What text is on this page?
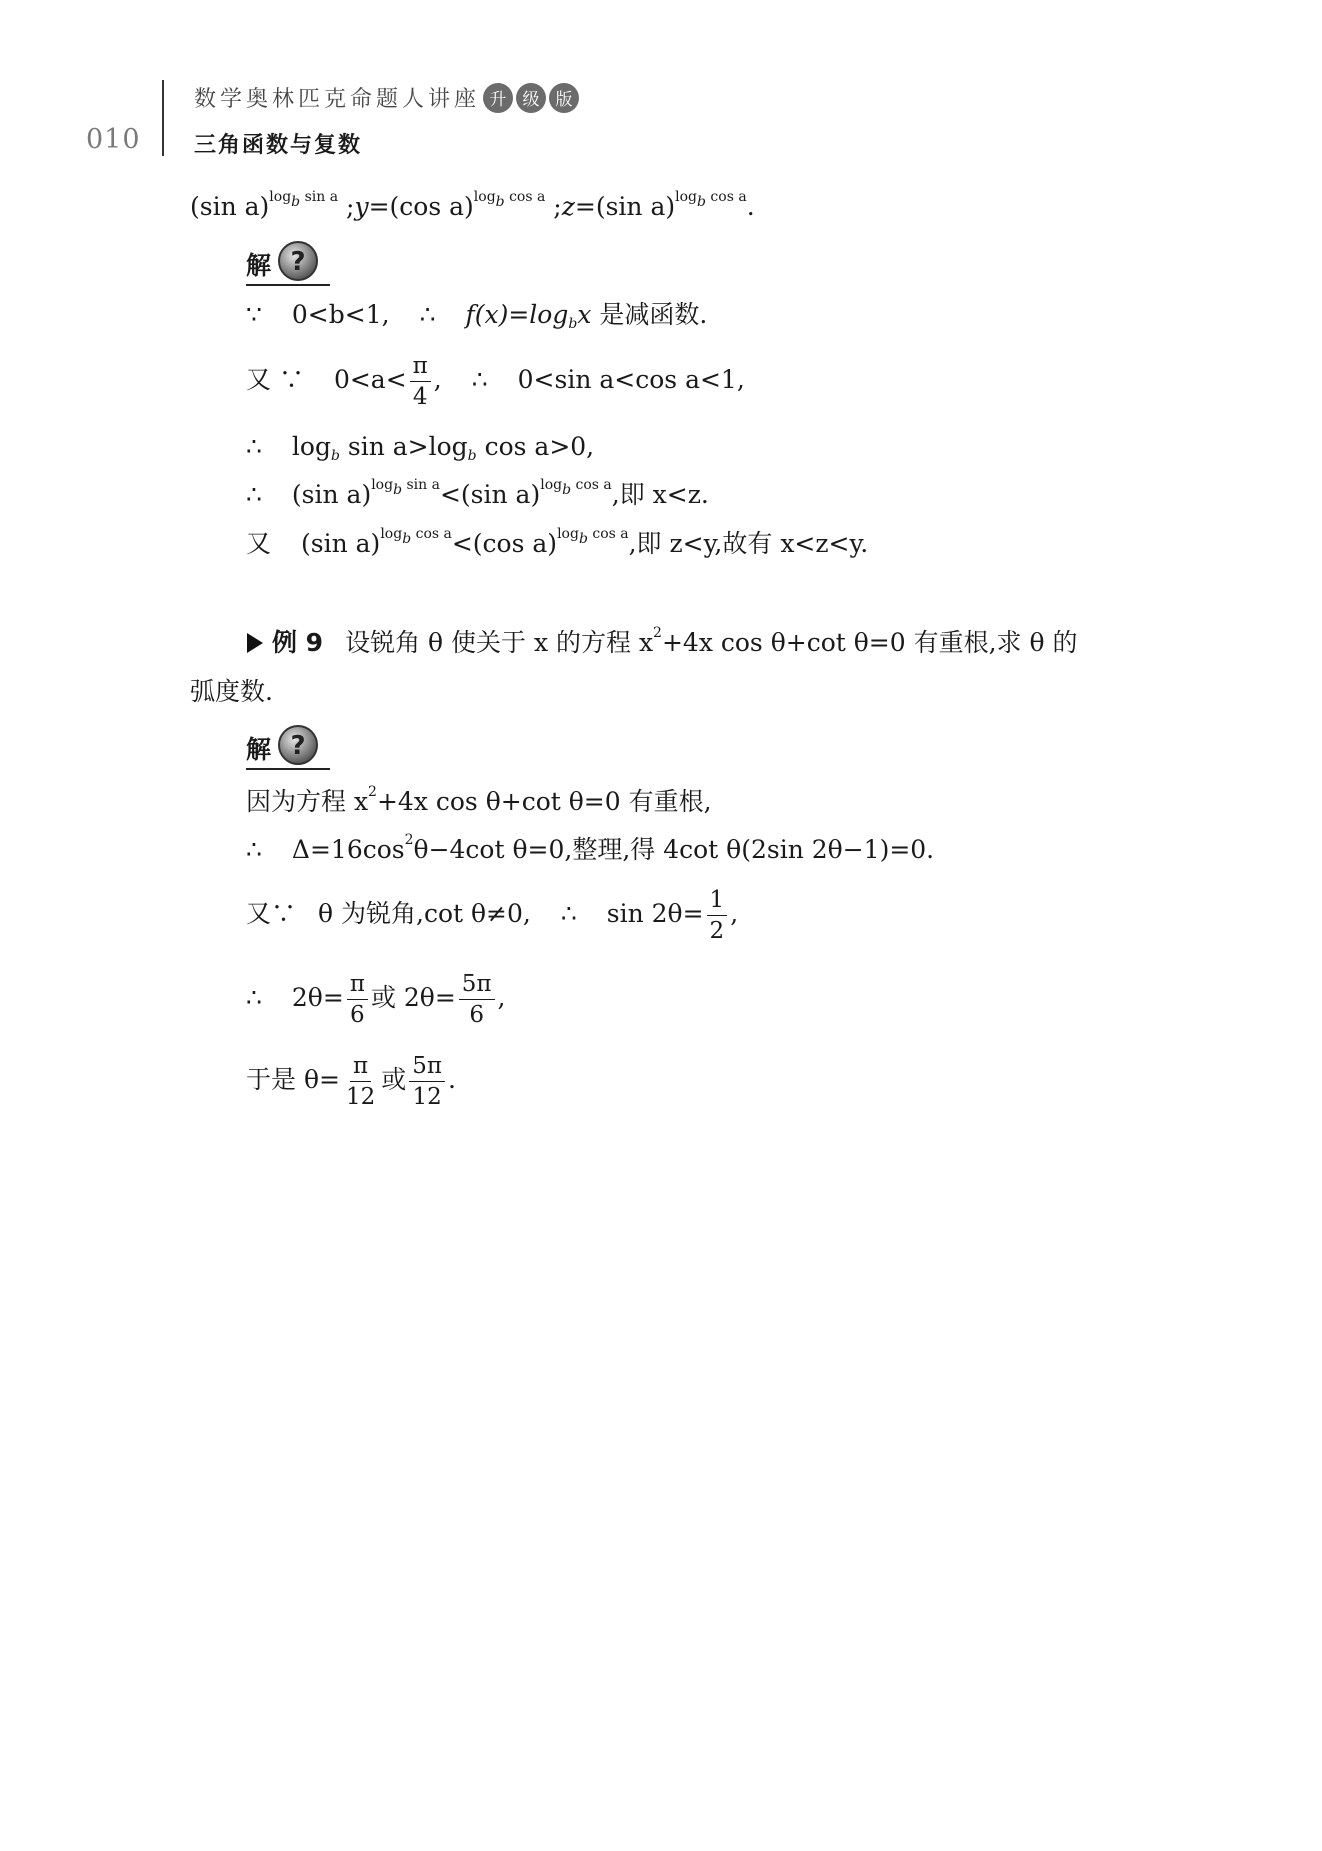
010
数学奥林匹克命题人讲座 升 级 版
三角函数与复数
(sin a)$^{log_b sin a}$ ;y=(cos a)$^{log_b cos a}$ ;z=(sin a)$^{log_b cos a}$.
解 ?
∵ 0<b<1, ∴ $f(x)=\log_bx$ 是减函数.
又 ∵ $0<a< \frac{\pi}{4}$ , ∴ 0<sin a<cos a<1,
∴ $\log_b \sin a>\log_b$ cos a>0,
∴ (sin a)$^{log_b sin a}$<(sin a)$^{log_b cos a}$,即 x<z.
又 (sin a)$^{log_b cos a}$<(cos a)$^{log_b cos a}$,即 z<y,故有 x<z<y.
例 9 设锐角 θ 使关于 x 的方程 $x^2+4x$ cos θ+cot θ=0 有重根,求 θ 的
弧度数.
解 ?
因为方程 $x^2+4x$ cos θ+cot θ=0 有重根,
∴ $\Delta=16\cos^2\theta-4\cot$ θ=0,整理,得 4cot θ(2sin 2θ−1)=0.
又∵ θ 为锐角,cot θ≠0, ∴ $\sin 2\theta= \frac{1}{2}$ ,
∴ $2\theta= \frac{\pi}{6}$ 或 $2\theta= \frac{5\pi}{6}$ ,
于是 $\theta= \frac{\pi}{12}$ 或 $\frac{5\pi}{12}$ .
